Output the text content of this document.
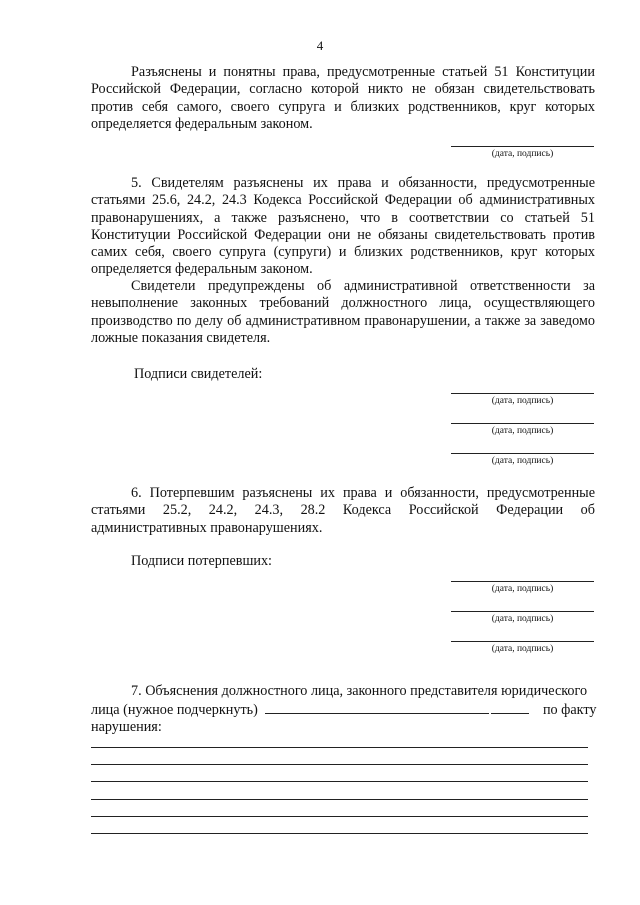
4
Разъяснены и понятны права, предусмотренные статьей 51 Конституции Российской Федерации, согласно которой никто не обязан свидетельствовать против себя самого, своего супруга и близких родственников, круг которых определяется федеральным законом.
(дата, подпись)
5. Свидетелям разъяснены их права и обязанности, предусмотренные статьями 25.6, 24.2, 24.3 Кодекса Российской Федерации об административных правонарушениях, а также разъяснено, что в соответствии со статьей 51 Конституции Российской Федерации они не обязаны свидетельствовать против самих себя, своего супруга (супруги) и близких родственников, круг которых определяется федеральным законом.
Свидетели предупреждены об административной ответственности за невыполнение законных требований должностного лица, осуществляющего производство по делу об административном правонарушении, а также за заведомо ложные показания свидетеля.
Подписи свидетелей:
(дата, подпись)
(дата, подпись)
(дата, подпись)
6. Потерпевшим разъяснены их права и обязанности, предусмотренные статьями 25.2, 24.2, 24.3, 28.2 Кодекса Российской Федерации об административных правонарушениях.
Подписи потерпевших:
(дата, подпись)
(дата, подпись)
(дата, подпись)
7. Объяснения должностного лица, законного представителя юридического
лица (нужное подчеркнуть)	по факту
нарушения:
